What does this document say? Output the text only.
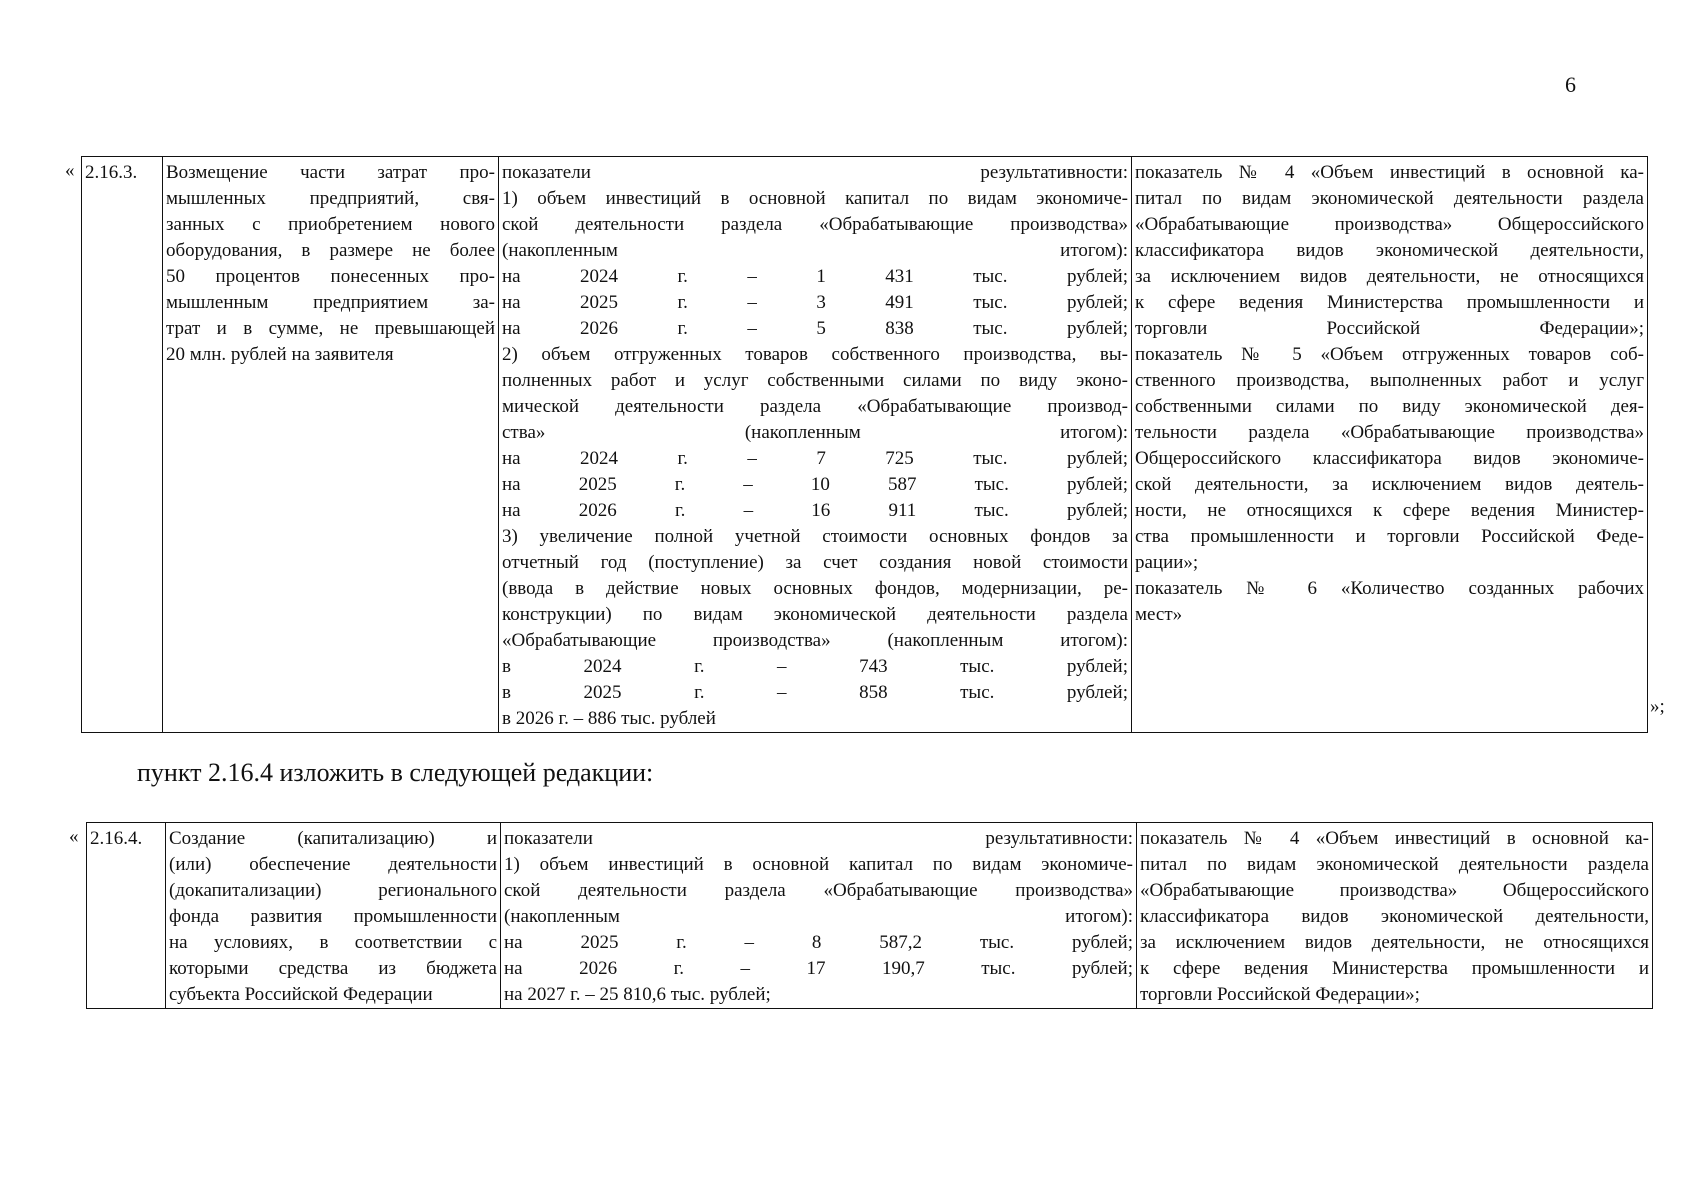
6
« 2.16.3.	Возмещение части затрат про-
мышленных предприятий, свя-
занных с приобретением нового
оборудования, в размере не более
50 процентов понесенных про-
мышленным предприятием за-
трат и в сумме, не превышающей
20 млн. рублей на заявителя

показатели результативности:
1) объем инвестиций в основной капитал по видам экономиче-
ской деятельности раздела «Обрабатывающие производства»
(накопленным итогом):
на 2024 г. – 1 431 тыс. рублей;
на 2025 г. – 3 491 тыс. рублей;
на 2026 г. – 5 838 тыс. рублей;
2) объем отгруженных товаров собственного производства, вы-
полненных работ и услуг собственными силами по виду эконо-
мической деятельности раздела «Обрабатывающие производ-
ства» (накопленным итогом):
на 2024 г. – 7 725 тыс. рублей;
на 2025 г. – 10 587 тыс. рублей;
на 2026 г. – 16 911 тыс. рублей;
3) увеличение полной учетной стоимости основных фондов за
отчетный год (поступление) за счет создания новой стоимости
(ввода в действие новых основных фондов, модернизации, ре-
конструкции) по видам экономической деятельности раздела
«Обрабатывающие производства» (накопленным итогом):
в 2024 г. – 743 тыс. рублей;
в 2025 г. – 858 тыс. рублей;
в 2026 г. – 886 тыс. рублей

показатель № 4 «Объем инвестиций в основной ка-
питал по видам экономической деятельности раздела
«Обрабатывающие производства» Общероссийского
классификатора видов экономической деятельности,
за исключением видов деятельности, не относящихся
к сфере ведения Министерства промышленности и
торговли Российской Федерации»;
показатель № 5 «Объем отгруженных товаров соб-
ственного производства, выполненных работ и услуг
собственными силами по виду экономической дея-
тельности раздела «Обрабатывающие производства»
Общероссийского классификатора видов экономиче-
ской деятельности, за исключением видов деятель-
ности, не относящихся к сфере ведения Министер-
ства промышленности и торговли Российской Феде-
рации»;
показатель № 6 «Количество созданных рабочих
мест»
»;
пункт 2.16.4 изложить в следующей редакции:
« 2.16.4.	Создание (капитализацию) и
(или) обеспечение деятельности
(докапитализации) регионального
фонда развития промышленности
на условиях, в соответствии с
которыми средства из бюджета
субъекта Российской Федерации

показатели результативности:
1) объем инвестиций в основной капитал по видам экономиче-
ской деятельности раздела «Обрабатывающие производства»
(накопленным итогом):
на 2025 г. – 8 587,2 тыс. рублей;
на 2026 г. – 17 190,7 тыс. рублей;
на 2027 г. – 25 810,6 тыс. рублей;

показатель № 4 «Объем инвестиций в основной ка-
питал по видам экономической деятельности раздела
«Обрабатывающие производства» Общероссийского
классификатора видов экономической деятельности,
за исключением видов деятельности, не относящихся
к сфере ведения Министерства промышленности и
торговли Российской Федерации»;
